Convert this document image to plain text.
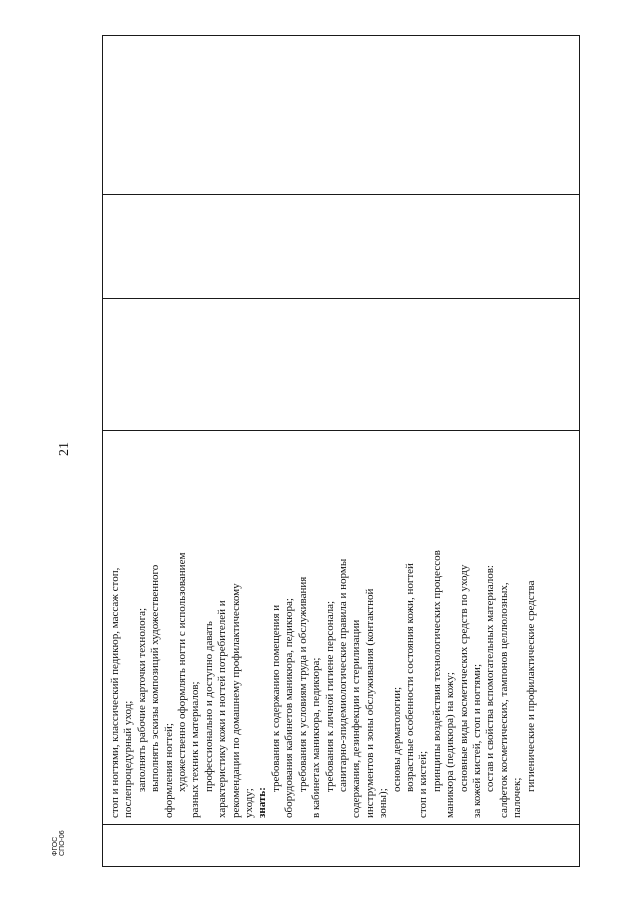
стоп и ногтями, классический педикюр, массаж стоп, послепроцедурный уход; заполнять рабочие карточки технолога; выполнять эскизы композиций художественного оформления ногтей; художественно оформлять ногти с использованием разных техник и материалов; профессионально и доступно давать характеристику кожи и ногтей потребителей и рекомендации по домашнему профилактическому уходу; знать:
требования к содержанию помещения и оборудования кабинетов маникюра, педикюра; требования к условиям труда и обслуживания в кабинетах маникюра, педикюра; требования к личной гигиене персонала; санитарно-эпидемиологические правила и нормы содержания, дезинфекции и стерилизации инструментов и зоны обслуживания (контактной зоны);
основы дерматологии; возрастные особенности состояния кожи, ногтей стоп и кистей; принципы воздействия технологических процессов маникюра (педикюра) на кожу; основные виды косметических средств по уходу за кожей кистей, стоп и ногтями; состав и свойства вспомогательных материалов: салфеток косметических, тампонов целлюлозных, палочек;
гигиенические и профилактические средства

21
ФГОС СПО-06
